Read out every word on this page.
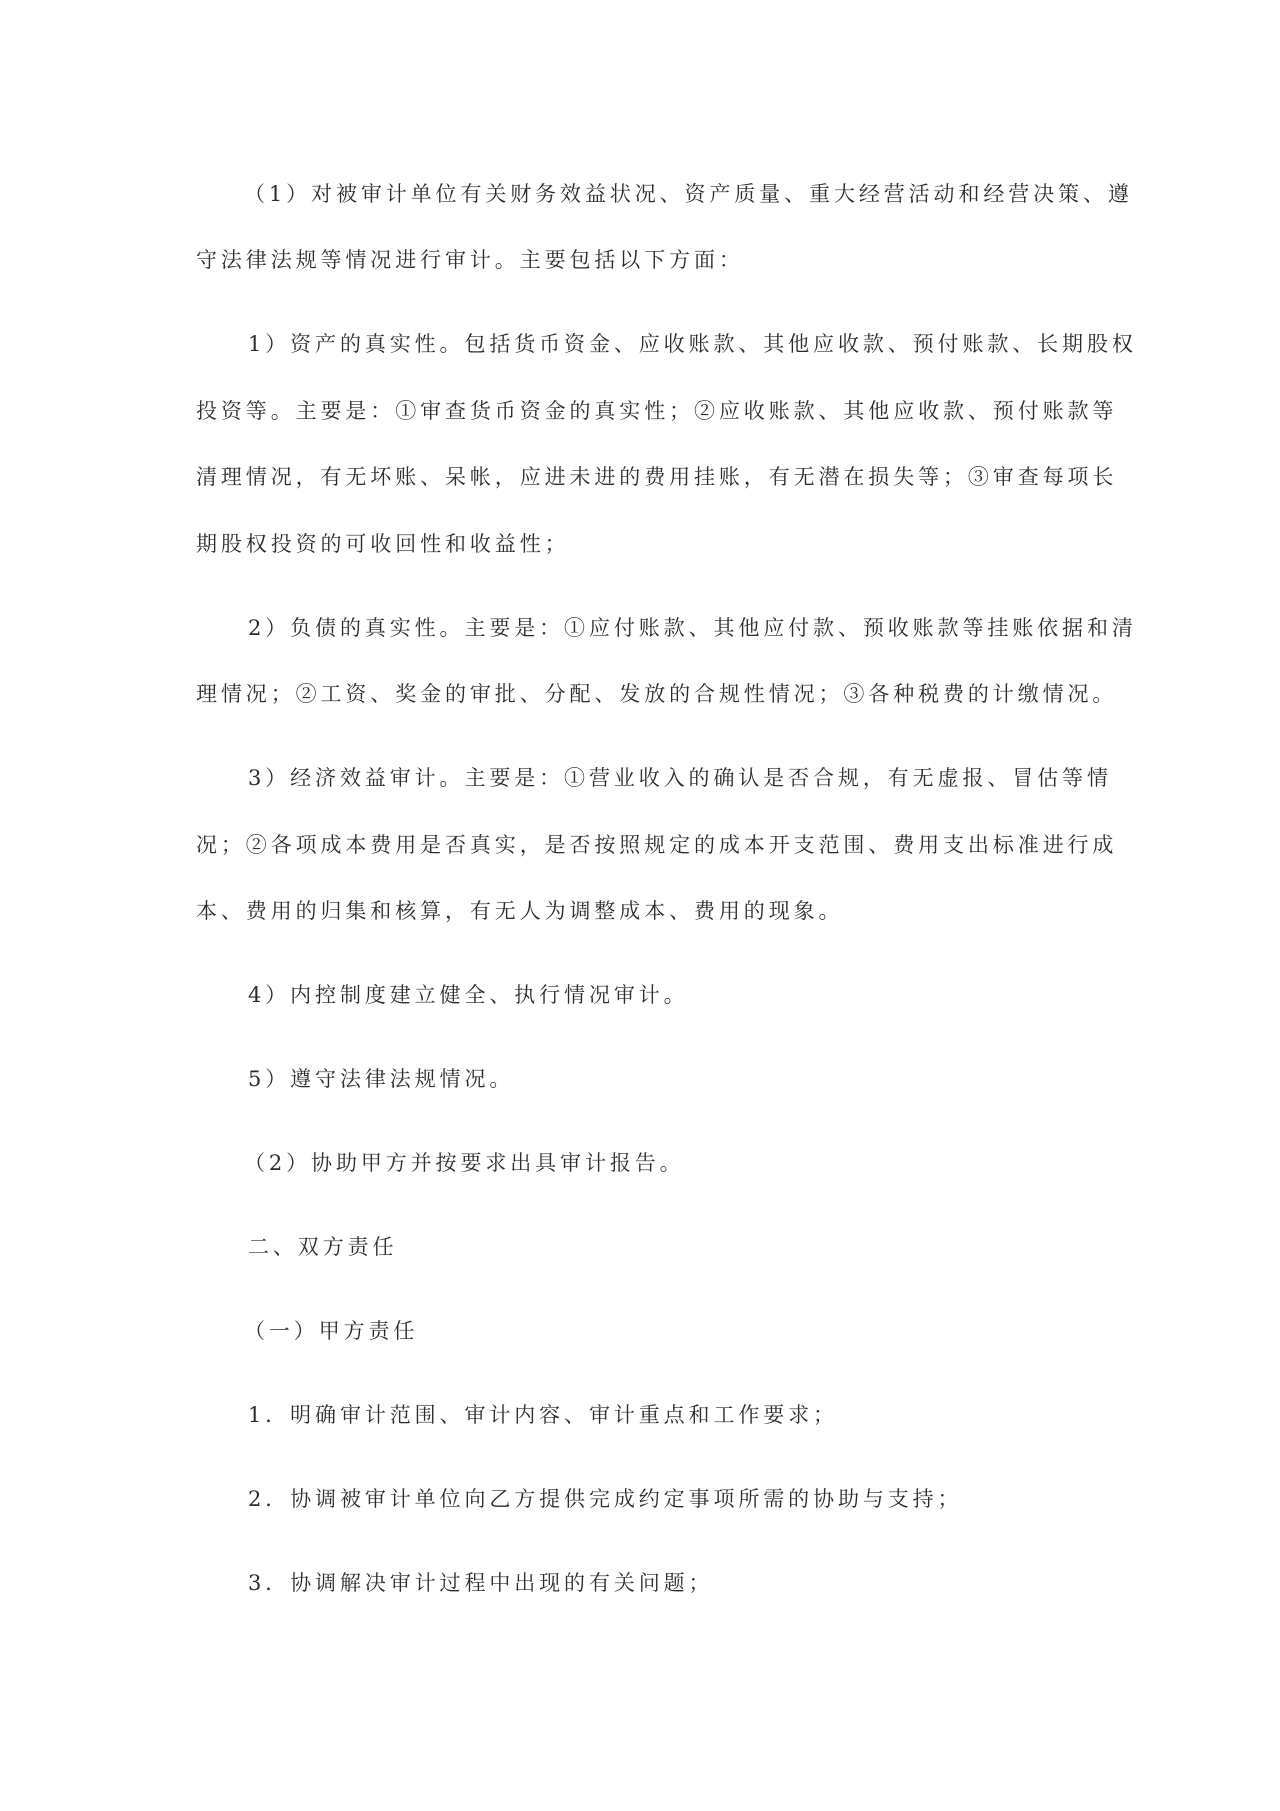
（1）对被审计单位有关财务效益状况、资产质量、重大经营活动和经营决策、遵

守法律法规等情况进行审计。主要包括以下方面：

1）资产的真实性。包括货币资金、应收账款、其他应收款、预付账款、长期股权

投资等。主要是：①审查货币资金的真实性；②应收账款、其他应收款、预付账款等

清理情况，有无坏账、呆帐，应进未进的费用挂账，有无潜在损失等；③审查每项长

期股权投资的可收回性和收益性；

2）负债的真实性。主要是：①应付账款、其他应付款、预收账款等挂账依据和清

理情况；②工资、奖金的审批、分配、发放的合规性情况；③各种税费的计缴情况。

3）经济效益审计。主要是：①营业收入的确认是否合规，有无虚报、冒估等情

况；②各项成本费用是否真实，是否按照规定的成本开支范围、费用支出标准进行成

本、费用的归集和核算，有无人为调整成本、费用的现象。

4）内控制度建立健全、执行情况审计。

5）遵守法律法规情况。

（2）协助甲方并按要求出具审计报告。

二、双方责任

（一）甲方责任

1．明确审计范围、审计内容、审计重点和工作要求；

2．协调被审计单位向乙方提供完成约定事项所需的协助与支持；

3．协调解决审计过程中出现的有关问题；
